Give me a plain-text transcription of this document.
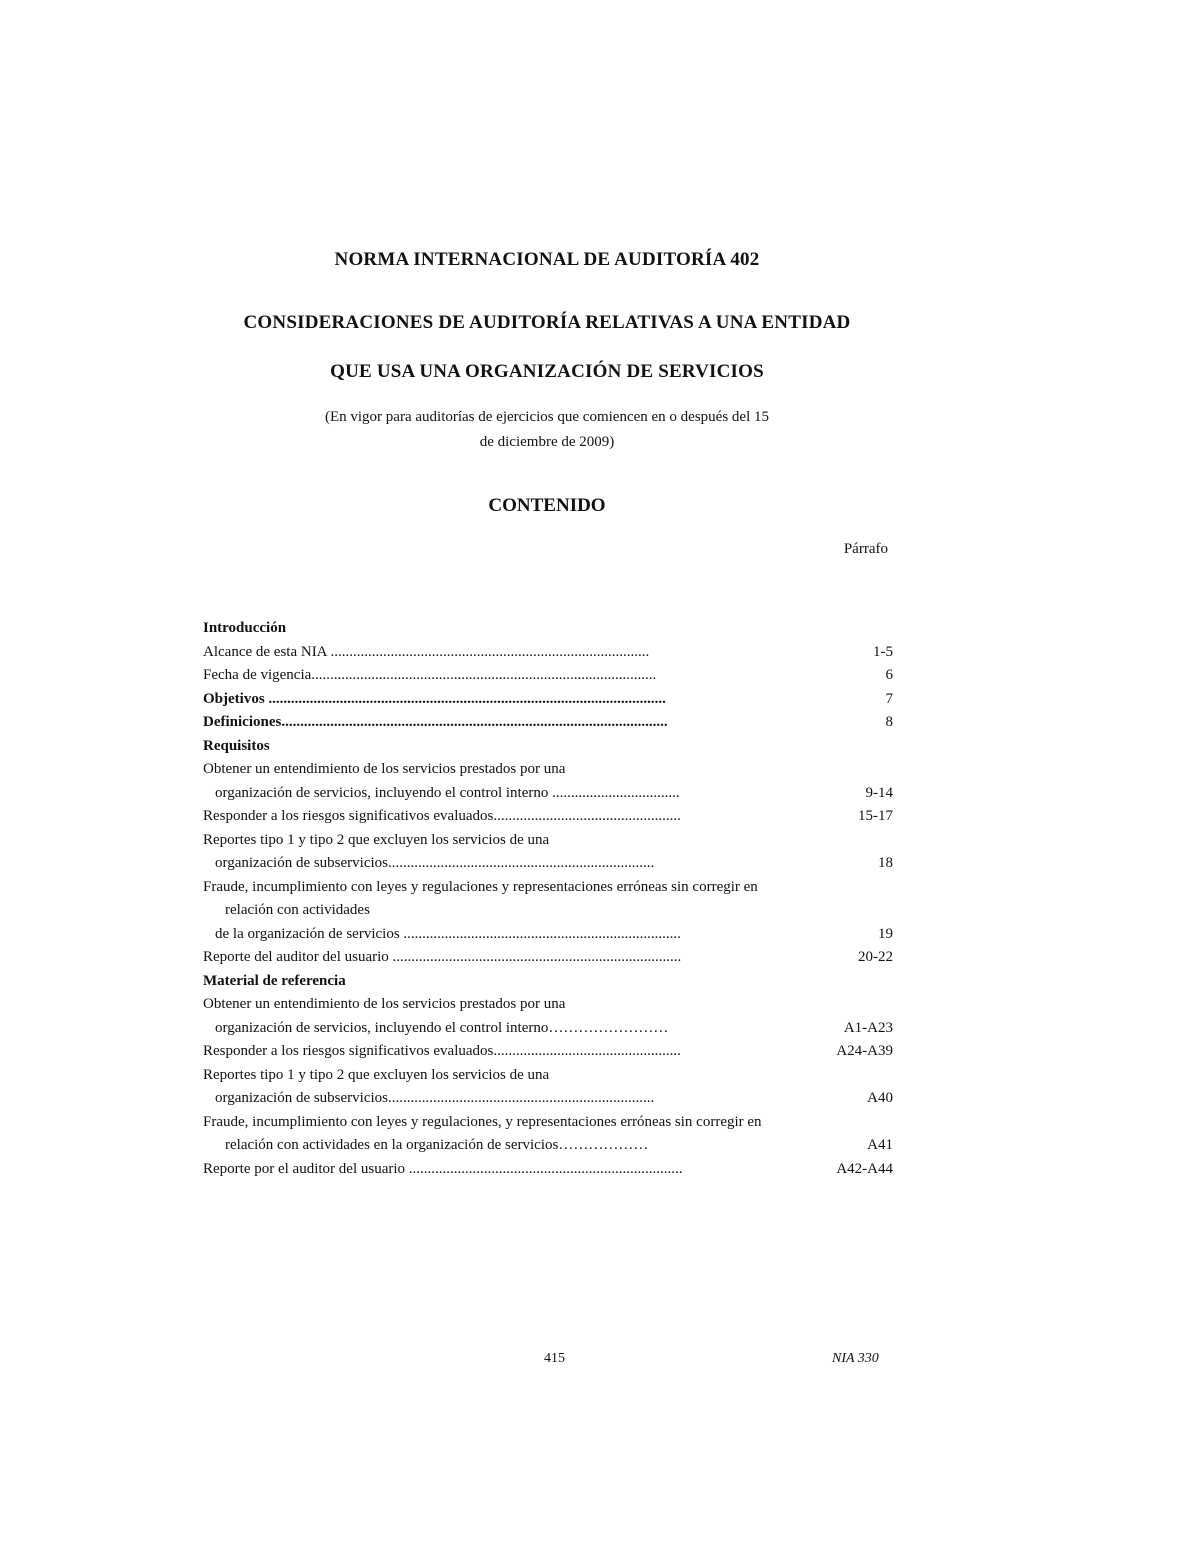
NORMA INTERNACIONAL DE AUDITORÍA 402
CONSIDERACIONES DE AUDITORÍA RELATIVAS A UNA ENTIDAD
QUE USA UNA ORGANIZACIÓN DE SERVICIOS
(En vigor para auditorías de ejercicios que comiencen en o después del 15
de diciembre de 2009)
CONTENIDO
Párrafo
Introducción
Alcance de esta NIA .....................................................................................	1-5
Fecha de vigencia............................................................................................	6
Objetivos ..........................................................................................................	7
Definiciones.......................................................................................................	8
Requisitos
Obtener un entendimiento de los servicios prestados por una
organización de servicios, incluyendo el control interno ..................................	9-14
Responder a los riesgos significativos evaluados..................................................	15-17
Reportes tipo 1 y tipo 2 que excluyen los servicios de una
organización de subservicios.......................................................................	18
Fraude, incumplimiento con leyes y regulaciones y representaciones erróneas sin corregir en
relación con actividades
de la organización de servicios ..........................................................................	19
Reporte del auditor del usuario .............................................................................	20-22
Material de referencia
Obtener un entendimiento de los servicios prestados por una
organización de servicios, incluyendo el control interno……………………	A1-A23
Responder a los riesgos significativos evaluados..................................................	A24-A39
Reportes tipo 1 y tipo 2 que excluyen los servicios de una
organización de subservicios.......................................................................	A40
Fraude, incumplimiento con leyes y regulaciones, y representaciones erróneas sin corregir en
relación con actividades en la organización de servicios………………	A41
Reporte por el auditor del usuario .........................................................................	A42-A44
415	NIA 330
